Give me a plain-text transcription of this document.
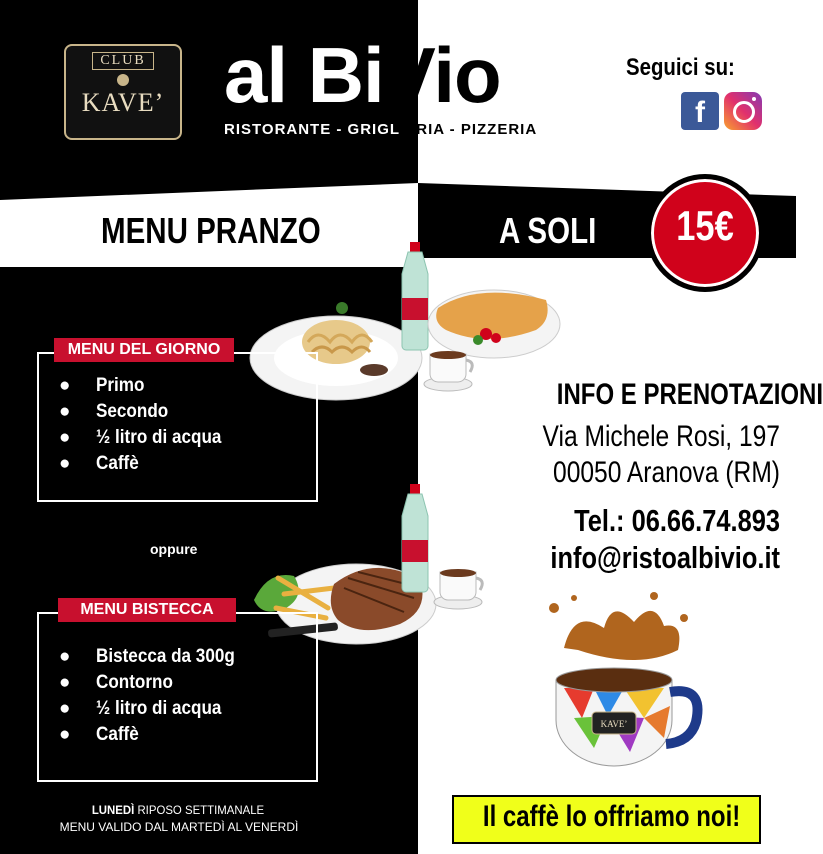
CLUB
KAVE’ al BiVio
RISTORANTE - GRIGLIERIA - PIZZERIA
Seguici su:
f
MENU PRANZO	A SOLI	15€
MENU DEL GIORNO
● Primo
● Secondo
● ½ litro di acqua
● Caffè
oppure
MENU BISTECCA
● Bistecca da 300g
● Contorno
● ½ litro di acqua
● Caffè
LUNEDÌ RIPOSO SETTIMANALE
MENU VALIDO DAL MARTEDÌ AL VENERDÌ
INFO E PRENOTAZIONI
Via Michele Rosi, 197
00050 Aranova (RM)
Tel.: 06.66.74.893
info@ristoalbivio.it
KAVE’
Il caffè lo offriamo noi!
